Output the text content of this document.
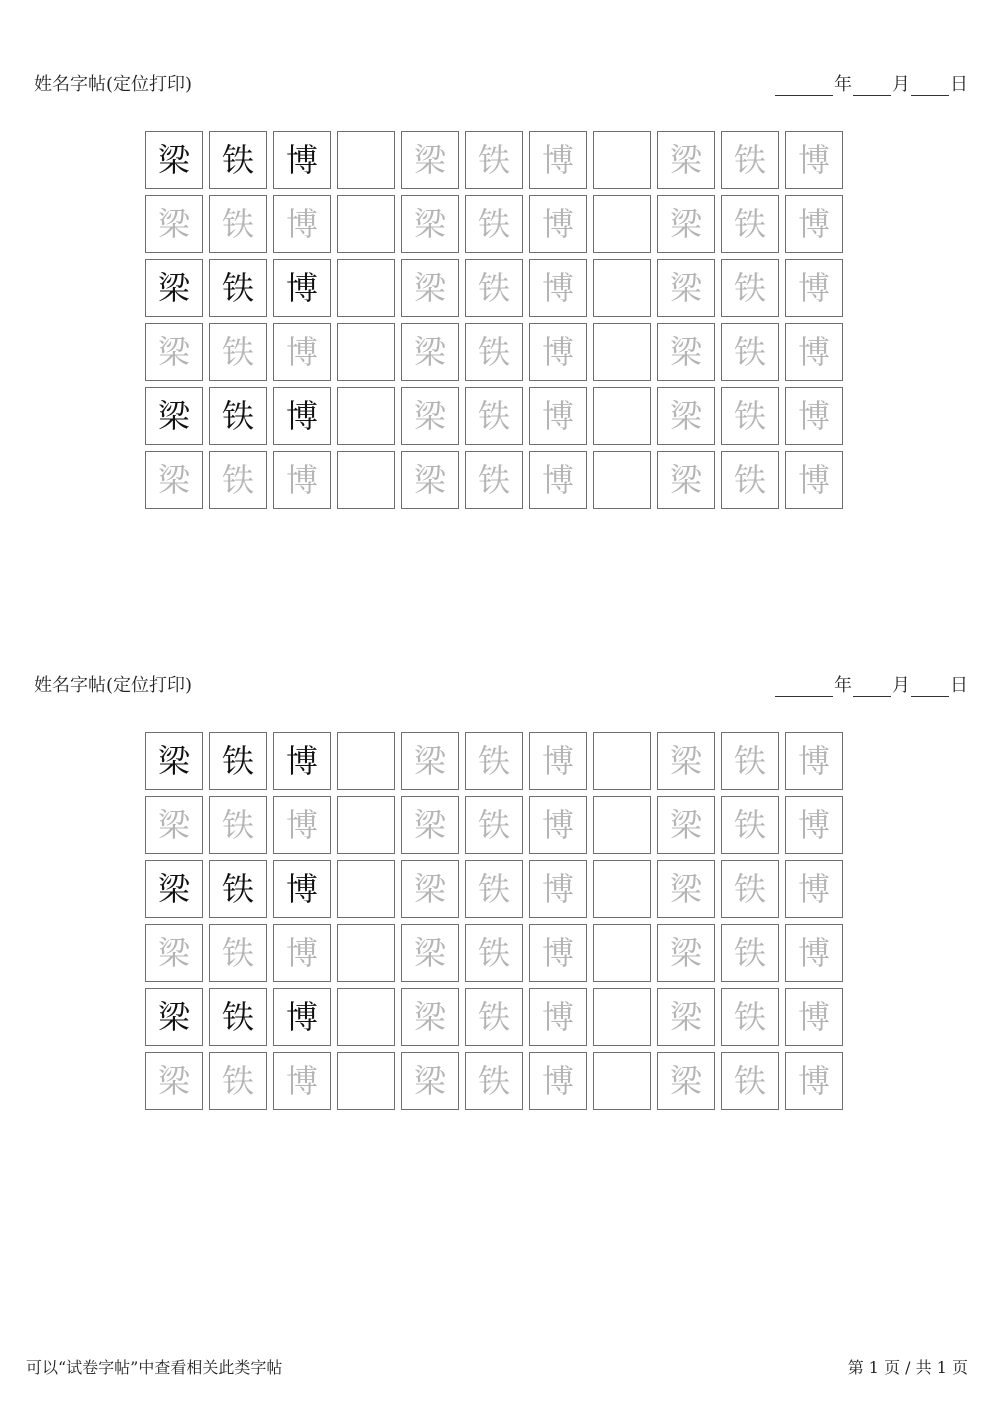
姓名字帖(定位打印)	年 月 日
梁 铁 博	梁 铁 博	梁 铁 博
梁 铁 博	梁 铁 博	梁 铁 博
梁 铁 博	梁 铁 博	梁 铁 博
梁 铁 博	梁 铁 博	梁 铁 博
梁 铁 博	梁 铁 博	梁 铁 博
梁 铁 博	梁 铁 博	梁 铁 博
姓名字帖(定位打印)	年 月 日
梁 铁 博	梁 铁 博	梁 铁 博
梁 铁 博	梁 铁 博	梁 铁 博
梁 铁 博	梁 铁 博	梁 铁 博
梁 铁 博	梁 铁 博	梁 铁 博
梁 铁 博	梁 铁 博	梁 铁 博
梁 铁 博	梁 铁 博	梁 铁 博
可以“试卷字帖”中查看相关此类字帖	第 1 页 / 共 1 页
